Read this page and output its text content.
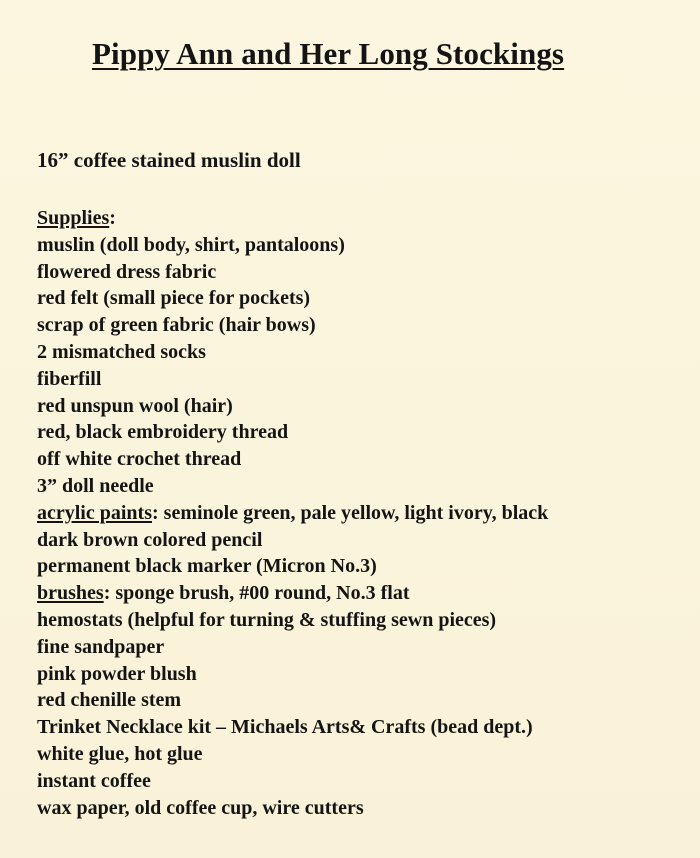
Pippy Ann and Her Long Stockings
16” coffee stained muslin doll
Supplies:
muslin (doll body, shirt, pantaloons)
flowered dress fabric
red felt (small piece for pockets)
scrap of green fabric (hair bows)
2 mismatched socks
fiberfill
red unspun wool (hair)
red, black embroidery thread
off white crochet thread
3” doll needle
acrylic paints: seminole green, pale yellow, light ivory, black
dark brown colored pencil
permanent black marker (Micron No.3)
brushes: sponge brush, #00 round, No.3 flat
hemostats (helpful for turning & stuffing sewn pieces)
fine sandpaper
pink powder blush
red chenille stem
Trinket Necklace kit – Michaels Arts& Crafts (bead dept.)
white glue, hot glue
instant coffee
wax paper, old coffee cup, wire cutters
